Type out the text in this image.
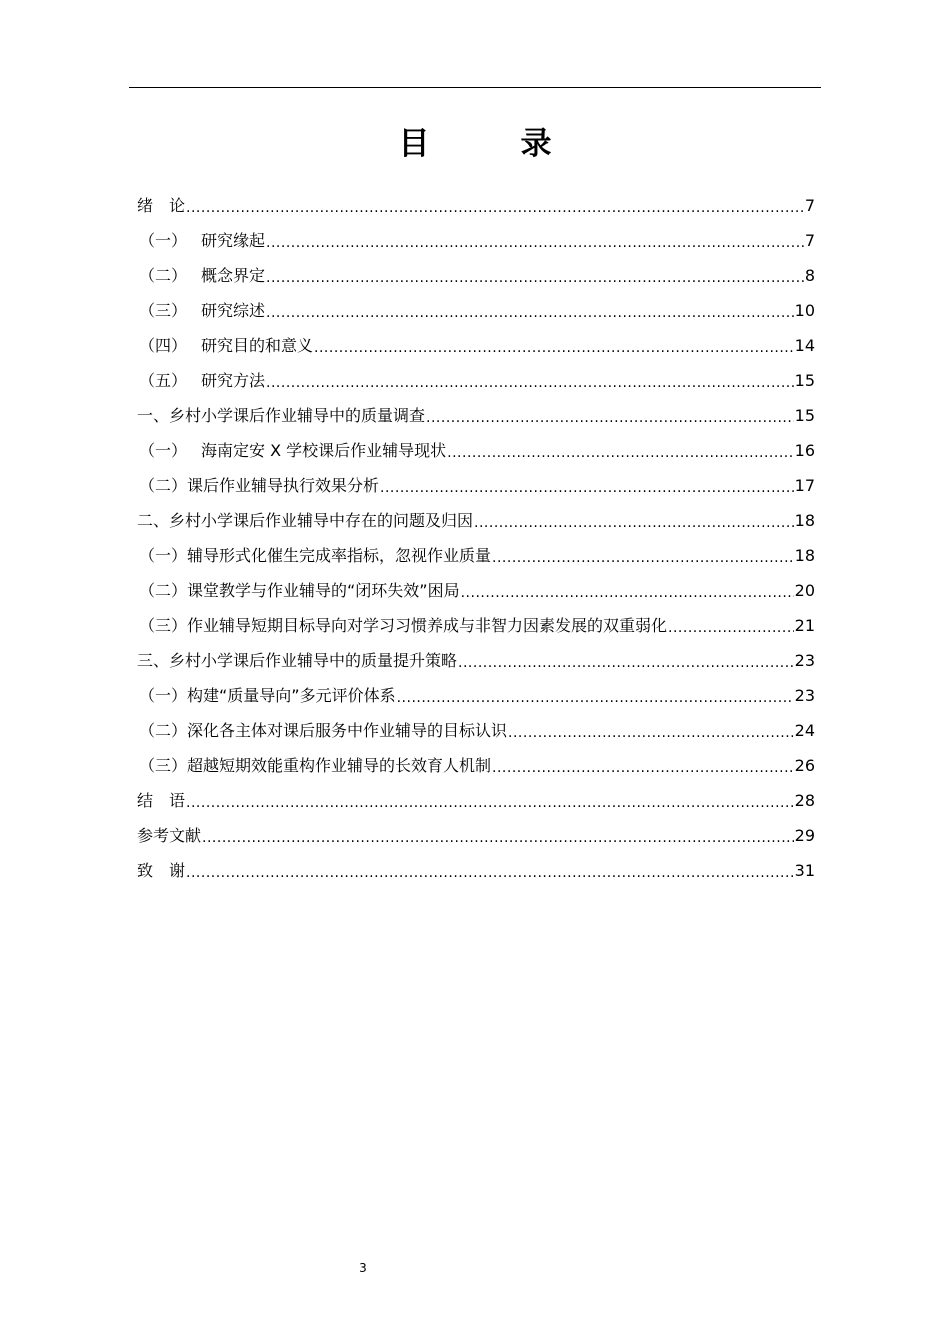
目　录
绪　论 .....	7
（一） 研究缘起 .....	7
（二） 概念界定 .....	8
（三） 研究综述 .....	10
（四） 研究目的和意义 .....	14
（五） 研究方法 .....	15
一、乡村小学课后作业辅导中的质量调查 .....	15
（一） 海南定安 X 学校课后作业辅导现状 .....	16
（二）课后作业辅导执行效果分析 .....	17
二、乡村小学课后作业辅导中存在的问题及归因 .....	18
（一）辅导形式化催生完成率指标，忽视作业质量 .....	18
（二）课堂教学与作业辅导的“闭环失效”困局 .....	20
（三）作业辅导短期目标导向对学习习惯养成与非智力因素发展的双重弱化 .....	21
三、乡村小学课后作业辅导中的质量提升策略 .....	23
（一）构建“质量导向”多元评价体系 .....	23
（二）深化各主体对课后服务中作业辅导的目标认识 .....	24
（三）超越短期效能重构作业辅导的长效育人机制 .....	26
结　语 .....	28
参考文献 .....	29
致　谢 .....	31
3
